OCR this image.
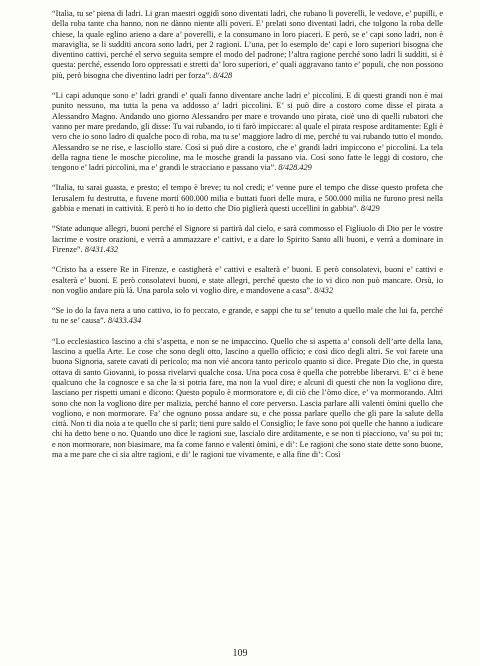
“Italia, tu se’ piena di ladri. Li gran maestri oggidì sono diventati ladri, che rubano li poverelli, le vedove, e’ pupilli, e della roba tante cha hanno, non ne dànno niente alli poveri. E’ prelati sono diventati ladri, che tolgono la roba delle chiese, la quale eglino arieno a dare a’ poverelli, e la consumano in loro piaceri. E però, se e’ capi sono ladri, non è maraviglia, se li sudditi ancora sono ladri, per 2 ragioni. L’una, per lo esemplo de’ capi e loro superiori bisogna che diventino cattivi, perché el servo seguita sempre el modo del padrone; l’altra ragione perché sono ladri li sudditi, si è questa: perché, essendo loro oppressati e stretti da’ loro superiori, e’ quali aggravano tanto e’ populi, che non possono più, però bisogna che diventino ladri per forza”. 8/428

“Li capi adunque sono e’ ladri grandi e’ quali fanno diventare anche ladri e’ piccolini. E di questi grandi non è mai punito nessuno, ma tutta la pena va addosso a’ ladri piccolini. E’ si può dire a costoro come disse el pirata a Alessandro Magno. Andando uno giorno Alessandro per mare e trovando uno pirata, cioè uno di quelli rubatori che vanno per mare predando, gli disse: Tu vai rubando, io ti farò impiccare: al quale el pirata respose arditamente: Egli è vero che io sono ladro di qualche poco di roba, ma tu se’ maggiore ladro di me, perché tu vai rubando tutto el mondo. Alessandro se ne rise, e lasciollo stare. Così si può dire a costoro, che e’ grandi ladri impiccono e’ piccolini. La tela della ragna tiene le mosche piccoline, ma le mosche grandi la passano via. Così sono fatte le leggi di costoro, che tengono e’ ladri piccolini, ma e’ grandi le stracciano e passano via”. 8/428.429

“Italia, tu sarai guasta, e presto; el tempo è breve; tu nol credi; e’ venne pure el tempo che disse questo profeta che Ierusalem fu destrutta, e fuvene morti 600.000 milia e buttati fuori delle mura, e 500.000 milia ne furono presi nella gabbia e menati in cattività. E però ti ho io detto che Dio piglierà questi uccellini in gabbia”. 8/429

“State adunque allegri, buoni perché el Signore si partirà dal cielo, e sarà commosso el Figliuolo di Dio per le vostre lacrime e vostre orazioni, e verrà a ammazzare e’ cattivi, e a dare lo Spirito Santo alli buoni, e verrà a dominare in Firenze”. 8/431.432

“Cristo ha a essere Re in Firenze, e castigherà e’ cattivi e esalterà e’ buoni. E però consolatevi, buoni e’ cattivi e esalterà e’ buoni. E però consolatevi buoni, e state allegri, perché questo che io vi dico non può mancare. Orsù, io non voglio andare più là. Una parola solo vi voglio dire, e mandovene a casa”. 8/432

“Se io do la fava nera a uno cattivo, io fo peccato, e grande, e sappi che tu se’ tenuto a quello male che lui fa, perché tu ne se’ causa”. 8/433.434

“Lo ecclesiastico lascino a chi s’aspetta, e non se ne impaccino. Quello che si aspetta a’ consoli dell’arte della lana, lascino a quella Arte. Le cose che sono degli otto, lascino a quello officio; e così dico degli altri. Se voi farete una buona Signoria, sarete cavati di pericolo; ma non vié ancora tanto pericolo quanto si dice. Pregate Dio che, in questa ottava di santo Giovanni, io possa rivelarvi qualche cosa. Una poca cosa è quella che potrebbe liberarvi. E’ ci è bene qualcuno che la cognosce e sa che la si potria fare, ma non la vuol dire; e alcuni di questi che non la vogliono dire, lasciano per rispetti umani e dicono: Questo populo è mormoratore e, di ciò che l’òmo dice, e’ va mormorando. Altri sono che non la vogliono dire per malizia, perché hanno el core perverso. Lascia parlare alli valenti òmini quello che vogliono, e non mormorare. Fa’ che ognuno possa andare su, e che possa parlare quello che gli pare la salute della città. Non ti dia noia a te quello che si parli; tieni pure saldo el Consiglio; le fave sono poi quelle che hanno a iudicare chi ha detto bene o no. Quando uno dice le ragioni sue, lascialo dire arditamente, e se non ti piacciono, va’ su poi tu; e non mormorare, non biasimare, ma fa come fanno e valenti òmini, e di’: Le ragioni che sono state dette sono buone, ma a me pare che ci sia altre ragioni, e di’ le ragioni tue vivamente, e alla fine di’: Così

109
